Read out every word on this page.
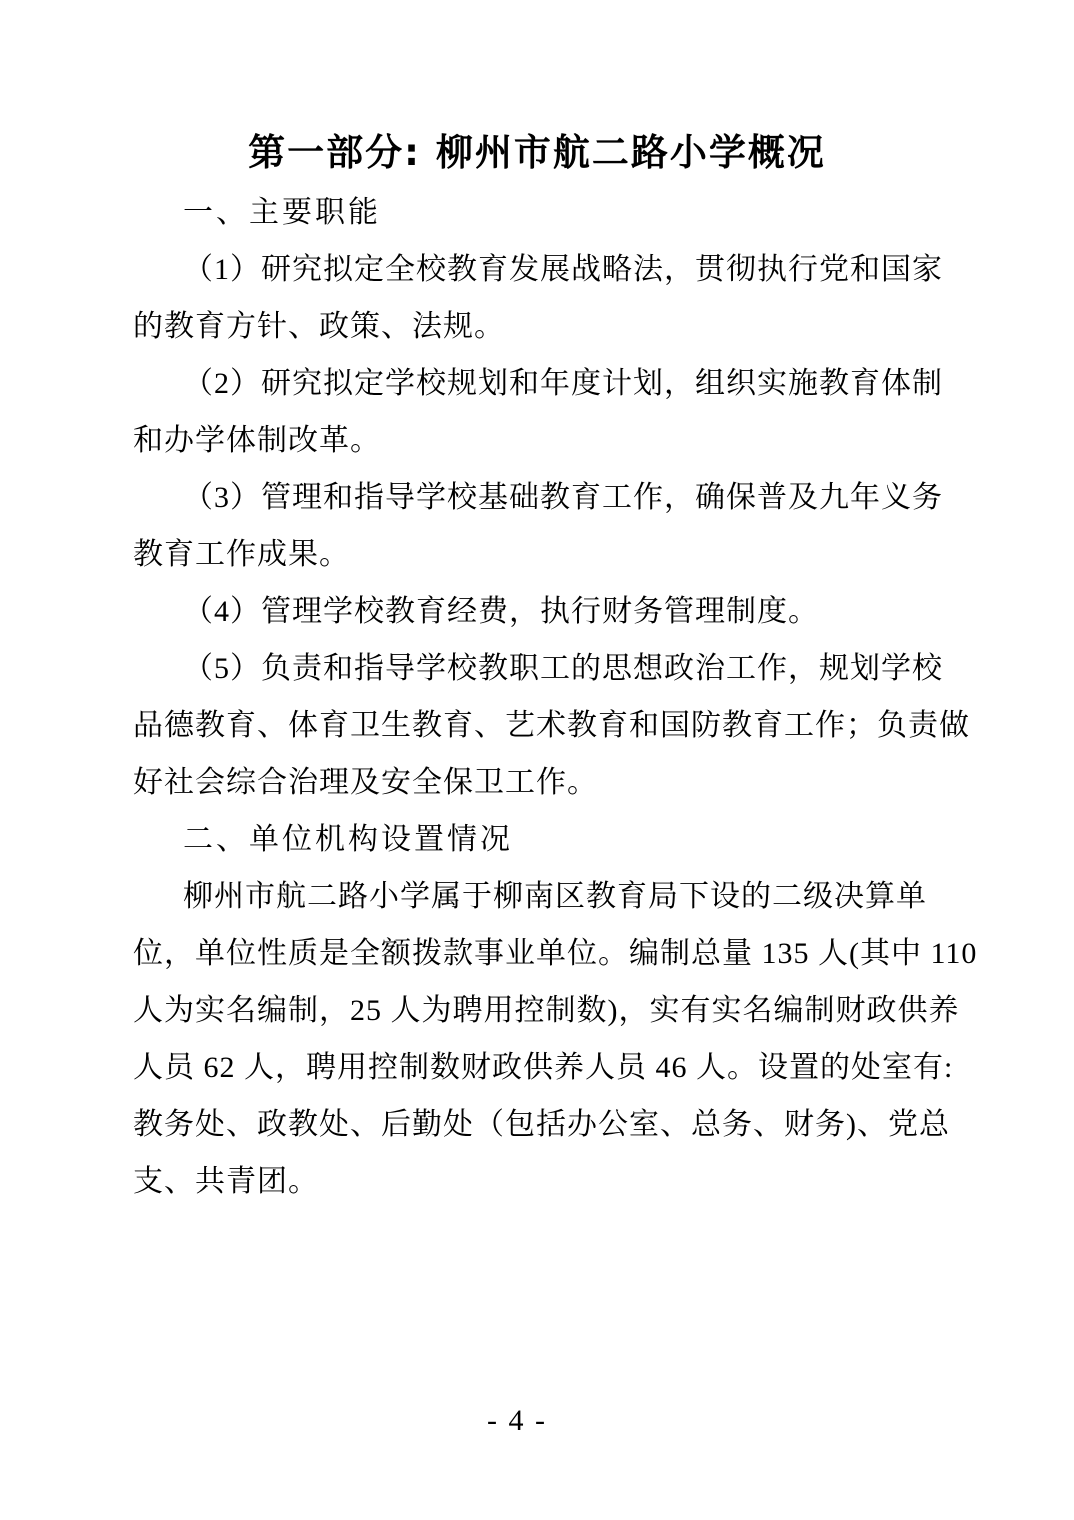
第一部分: 柳州市航二路小学概况
一、主要职能
（1）研究拟定全校教育发展战略法，贯彻执行党和国家
的教育方针、政策、法规。
（2）研究拟定学校规划和年度计划，组织实施教育体制
和办学体制改革。
（3）管理和指导学校基础教育工作，确保普及九年义务
教育工作成果。
（4）管理学校教育经费，执行财务管理制度。
（5）负责和指导学校教职工的思想政治工作，规划学校
品德教育、体育卫生教育、艺术教育和国防教育工作；负责做
好社会综合治理及安全保卫工作。
二、单位机构设置情况
柳州市航二路小学属于柳南区教育局下设的二级决算单
位，单位性质是全额拨款事业单位。编制总量 135 人(其中 110
人为实名编制，25 人为聘用控制数)，实有实名编制财政供养
人员 62 人，聘用控制数财政供养人员 46 人。设置的处室有:
教务处、政教处、后勤处（包括办公室、总务、财务)、党总
支、共青团。
- 4 -
